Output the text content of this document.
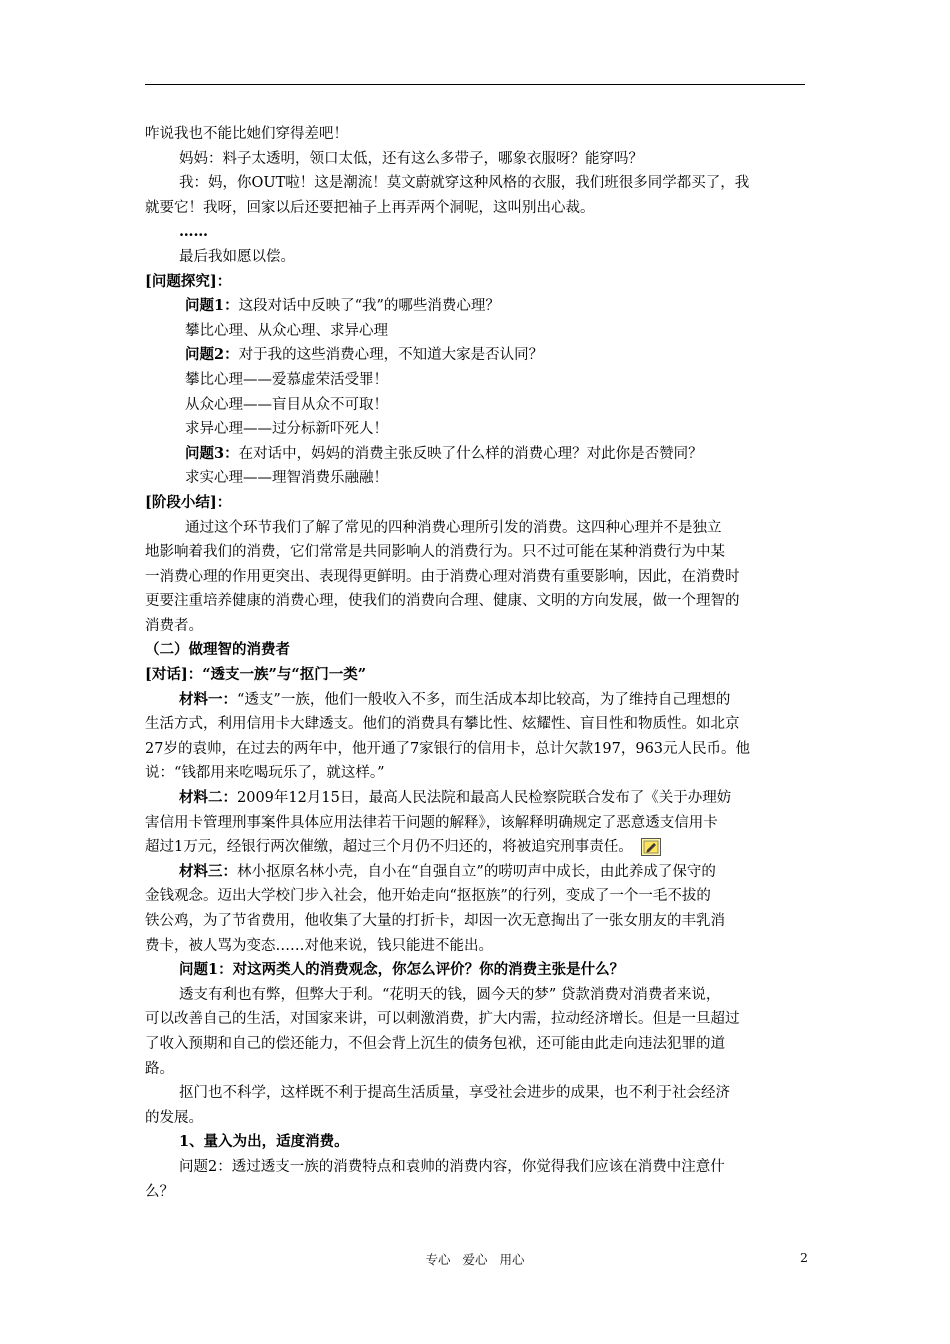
咋说我也不能比她们穿得差吧！
妈妈：料子太透明，领口太低，还有这么多带子，哪象衣服呀？能穿吗？
我：妈，你OUT啦！这是潮流！莫文蔚就穿这种风格的衣服，我们班很多同学都买了，我
就要它！我呀，回家以后还要把袖子上再弄两个洞呢，这叫别出心裁。
……
最后我如愿以偿。
[问题探究]：
问题1：这段对话中反映了“我”的哪些消费心理？
攀比心理、从众心理、求异心理
问题2：对于我的这些消费心理，不知道大家是否认同？
攀比心理——爱慕虚荣活受罪！
从众心理——盲目从众不可取！
求异心理——过分标新吓死人！
问题3：在对话中，妈妈的消费主张反映了什么样的消费心理？对此你是否赞同？
求实心理——理智消费乐融融！
[阶段小结]：
通过这个环节我们了解了常见的四种消费心理所引发的消费。这四种心理并不是独立
地影响着我们的消费，它们常常是共同影响人的消费行为。只不过可能在某种消费行为中某
一消费心理的作用更突出、表现得更鲜明。由于消费心理对消费有重要影响，因此，在消费时
更要注重培养健康的消费心理，使我们的消费向合理、健康、文明的方向发展，做一个理智的
消费者。
（二）做理智的消费者
[对话]：“透支一族”与“抠门一类”
材料一：“透支”一族，他们一般收入不多，而生活成本却比较高，为了维持自己理想的
生活方式，利用信用卡大肆透支。他们的消费具有攀比性、炫耀性、盲目性和物质性。如北京
27岁的袁帅，在过去的两年中，他开通了7家银行的信用卡，总计欠款197，963元人民币。他
说：“钱都用来吃喝玩乐了，就这样。”
材料二：2009年12月15日，最高人民法院和最高人民检察院联合发布了《关于办理妨
害信用卡管理刑事案件具体应用法律若干问题的解释》，该解释明确规定了恶意透支信用卡
超过1万元，经银行两次催缴，超过三个月仍不归还的，将被追究刑事责任。
材料三：林小抠原名林小壳，自小在“自强自立”的唠叨声中成长，由此养成了保守的
金钱观念。迈出大学校门步入社会，他开始走向“抠抠族”的行列，变成了一个一毛不拔的
铁公鸡，为了节省费用，他收集了大量的打折卡，却因一次无意掏出了一张女朋友的丰乳消
费卡，被人骂为变态……对他来说，钱只能进不能出。
问题1：对这两类人的消费观念，你怎么评价？你的消费主张是什么？
透支有利也有弊，但弊大于利。“花明天的钱，圆今天的梦” 贷款消费对消费者来说，
可以改善自己的生活，对国家来讲，可以刺激消费，扩大内需，拉动经济增长。但是一旦超过
了收入预期和自己的偿还能力，不但会背上沉生的债务包袱，还可能由此走向违法犯罪的道
路。
抠门也不科学，这样既不利于提高生活质量，享受社会进步的成果，也不利于社会经济
的发展。
1、量入为出，适度消费。
问题2：透过透支一族的消费特点和袁帅的消费内容，你觉得我们应该在消费中注意什
么？
专心 爱心 用心	2
